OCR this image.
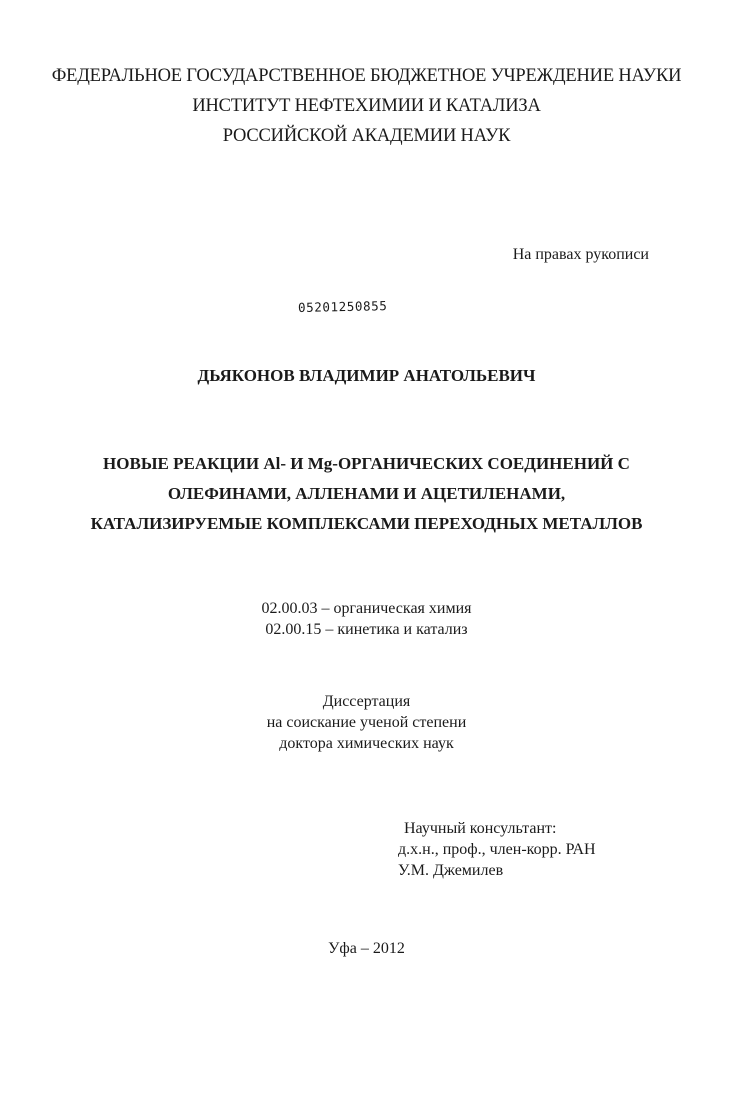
ФЕДЕРАЛЬНОЕ ГОСУДАРСТВЕННОЕ БЮДЖЕТНОЕ УЧРЕЖДЕНИЕ НАУКИ
ИНСТИТУТ НЕФТЕХИМИИ И КАТАЛИЗА
РОССИЙСКОЙ АКАДЕМИИ НАУК
На правах рукописи
05201250855
ДЬЯКОНОВ ВЛАДИМИР АНАТОЛЬЕВИЧ
НОВЫЕ РЕАКЦИИ Al- И Mg-ОРГАНИЧЕСКИХ СОЕДИНЕНИЙ С
ОЛЕФИНАМИ, АЛЛЕНАМИ И АЦЕТИЛЕНАМИ,
КАТАЛИЗИРУЕМЫЕ КОМПЛЕКСАМИ ПЕРЕХОДНЫХ МЕТАЛЛОВ
02.00.03 – органическая химия
02.00.15 – кинетика и катализ
Диссертация
на соискание ученой степени
доктора химических наук
Научный консультант:
д.х.н., проф., член-корр. РАН
У.М. Джемилев
Уфа – 2012
